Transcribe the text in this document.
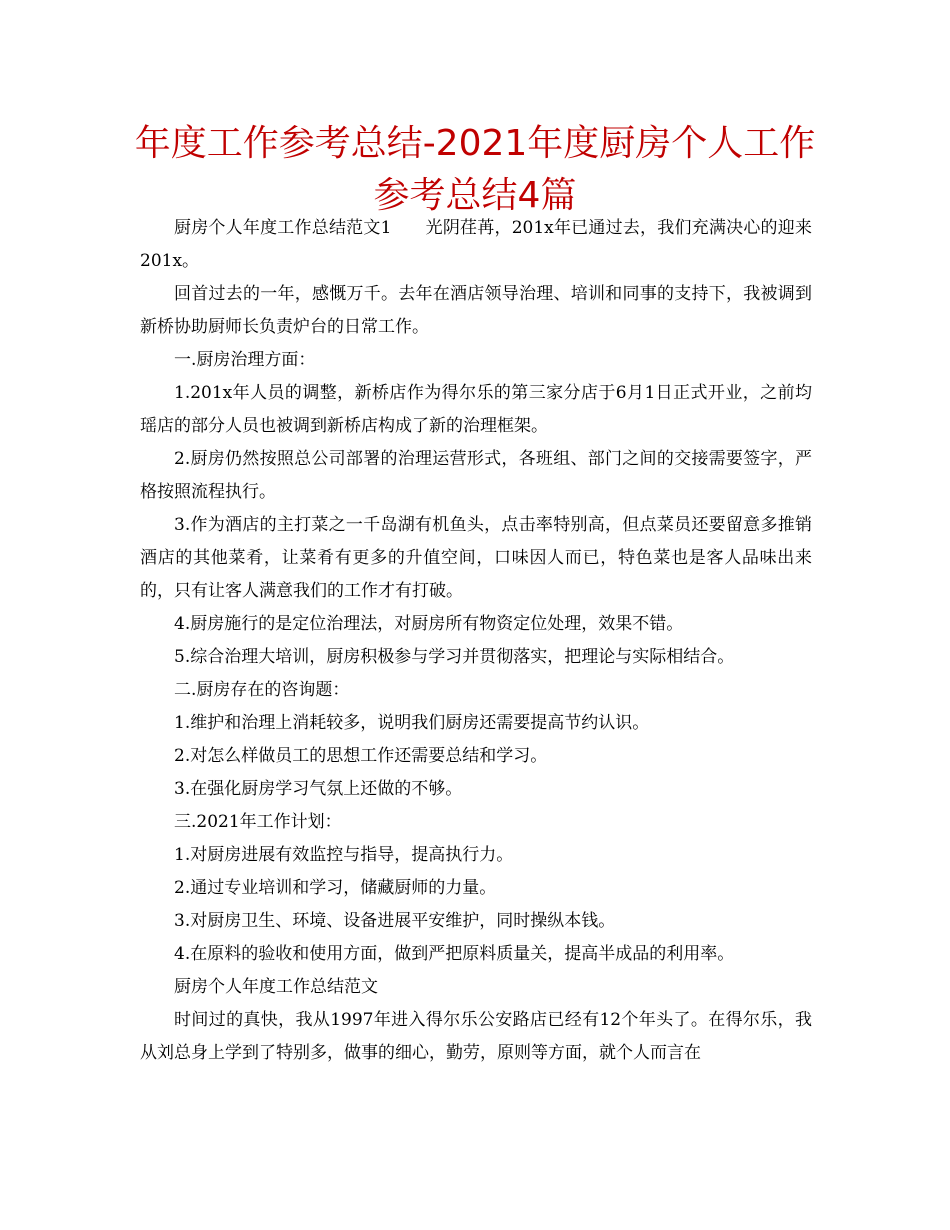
年度工作参考总结-2021年度厨房个人工作参考总结4篇

厨房个人年度工作总结范文1 光阴荏苒，201x年已通过去，我们充满决心的迎来201x。

回首过去的一年，感慨万千。去年在酒店领导治理、培训和同事的支持下，我被调到新桥协助厨师长负责炉台的日常工作。

一.厨房治理方面：

1.201x年人员的调整，新桥店作为得尔乐的第三家分店于6月1日正式开业，之前均瑶店的部分人员也被调到新桥店构成了新的治理框架。

2.厨房仍然按照总公司部署的治理运营形式，各班组、部门之间的交接需要签字，严格按照流程执行。

3.作为酒店的主打菜之一千岛湖有机鱼头，点击率特别高，但点菜员还要留意多推销酒店的其他菜肴，让菜肴有更多的升值空间，口味因人而已，特色菜也是客人品味出来的，只有让客人满意我们的工作才有打破。

4.厨房施行的是定位治理法，对厨房所有物资定位处理，效果不错。

5.综合治理大培训，厨房积极参与学习并贯彻落实，把理论与实际相结合。

二.厨房存在的咨询题：

1.维护和治理上消耗较多，说明我们厨房还需要提高节约认识。

2.对怎么样做员工的思想工作还需要总结和学习。

3.在强化厨房学习气氛上还做的不够。

三.2021年工作计划：

1.对厨房进展有效监控与指导，提高执行力。

2.通过专业培训和学习，储藏厨师的力量。

3.对厨房卫生、环境、设备进展平安维护，同时操纵本钱。

4.在原料的验收和使用方面，做到严把原料质量关，提高半成品的利用率。

厨房个人年度工作总结范文

时间过的真快，我从1997年进入得尔乐公安路店已经有12个年头了。在得尔乐，我从刘总身上学到了特别多，做事的细心，勤劳，原则等方面，就个人而言在
